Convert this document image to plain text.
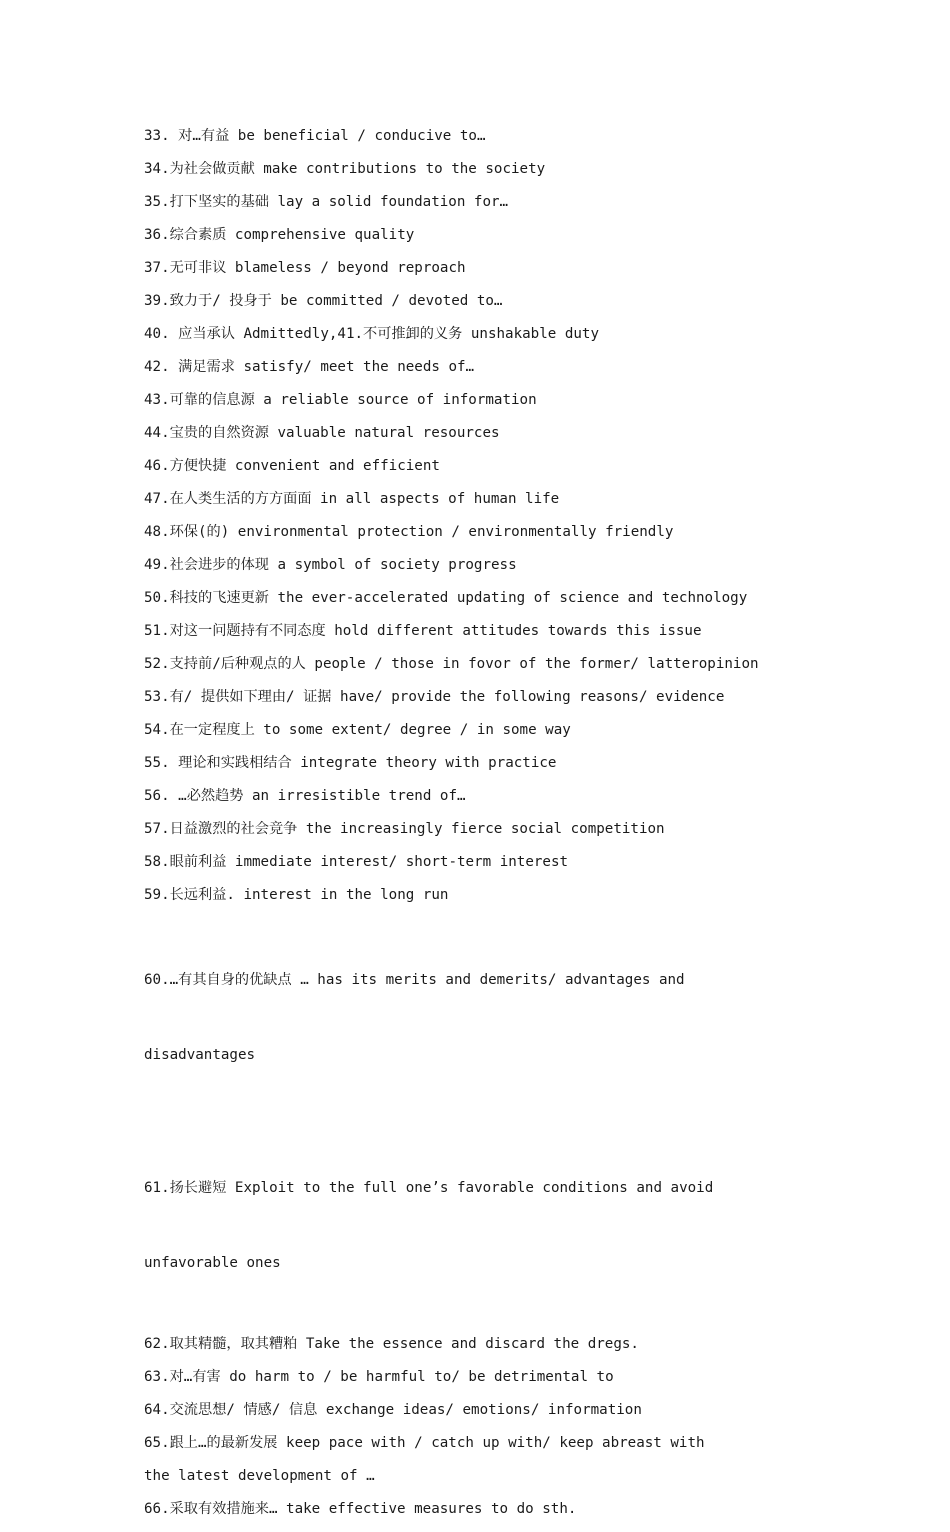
33. 对…有益 be beneficial / conducive to…
34.为社会做贡献 make contributions to the society
35.打下坚实的基础 lay a solid foundation for…
36.综合素质 comprehensive quality
37.无可非议 blameless / beyond reproach
39.致力于/ 投身于 be committed / devoted to…
40. 应当承认 Admittedly,41.不可推卸的义务 unshakable duty
42. 满足需求 satisfy/ meet the needs of…
43.可靠的信息源 a reliable source of information
44.宝贵的自然资源 valuable natural resources
46.方便快捷 convenient and efficient
47.在人类生活的方方面面 in all aspects of human life
48.环保(的) environmental protection / environmentally friendly
49.社会进步的体现 a symbol of society progress
50.科技的飞速更新 the ever-accelerated updating of science and technology
51.对这一问题持有不同态度 hold different attitudes towards this issue
52.支持前/后种观点的人 people / those in fovor of the former/ latteropinion
53.有/ 提供如下理由/ 证据 have/ provide the following reasons/ evidence
54.在一定程度上 to some extent/ degree / in some way
55. 理论和实践相结合 integrate theory with practice
56. …必然趋势 an irresistible trend of…
57.日益激烈的社会竞争 the increasingly fierce social competition
58.眼前利益 immediate interest/ short-term interest
59.长远利益. interest in the long run

60.…有其自身的优缺点 … has its merits and demerits/ advantages and

disadvantages

61.扬长避短 Exploit to the full one’s favorable conditions and avoid

unfavorable ones

62.取其精髓，取其糟粕 Take the essence and discard the dregs.
63.对…有害 do harm to / be harmful to/ be detrimental to
64.交流思想/ 情感/ 信息 exchange ideas/ emotions/ information
65.跟上…的最新发展 keep pace with / catch up with/ keep abreast with
the latest development of …
66.采取有效措施来… take effective measures to do sth.
